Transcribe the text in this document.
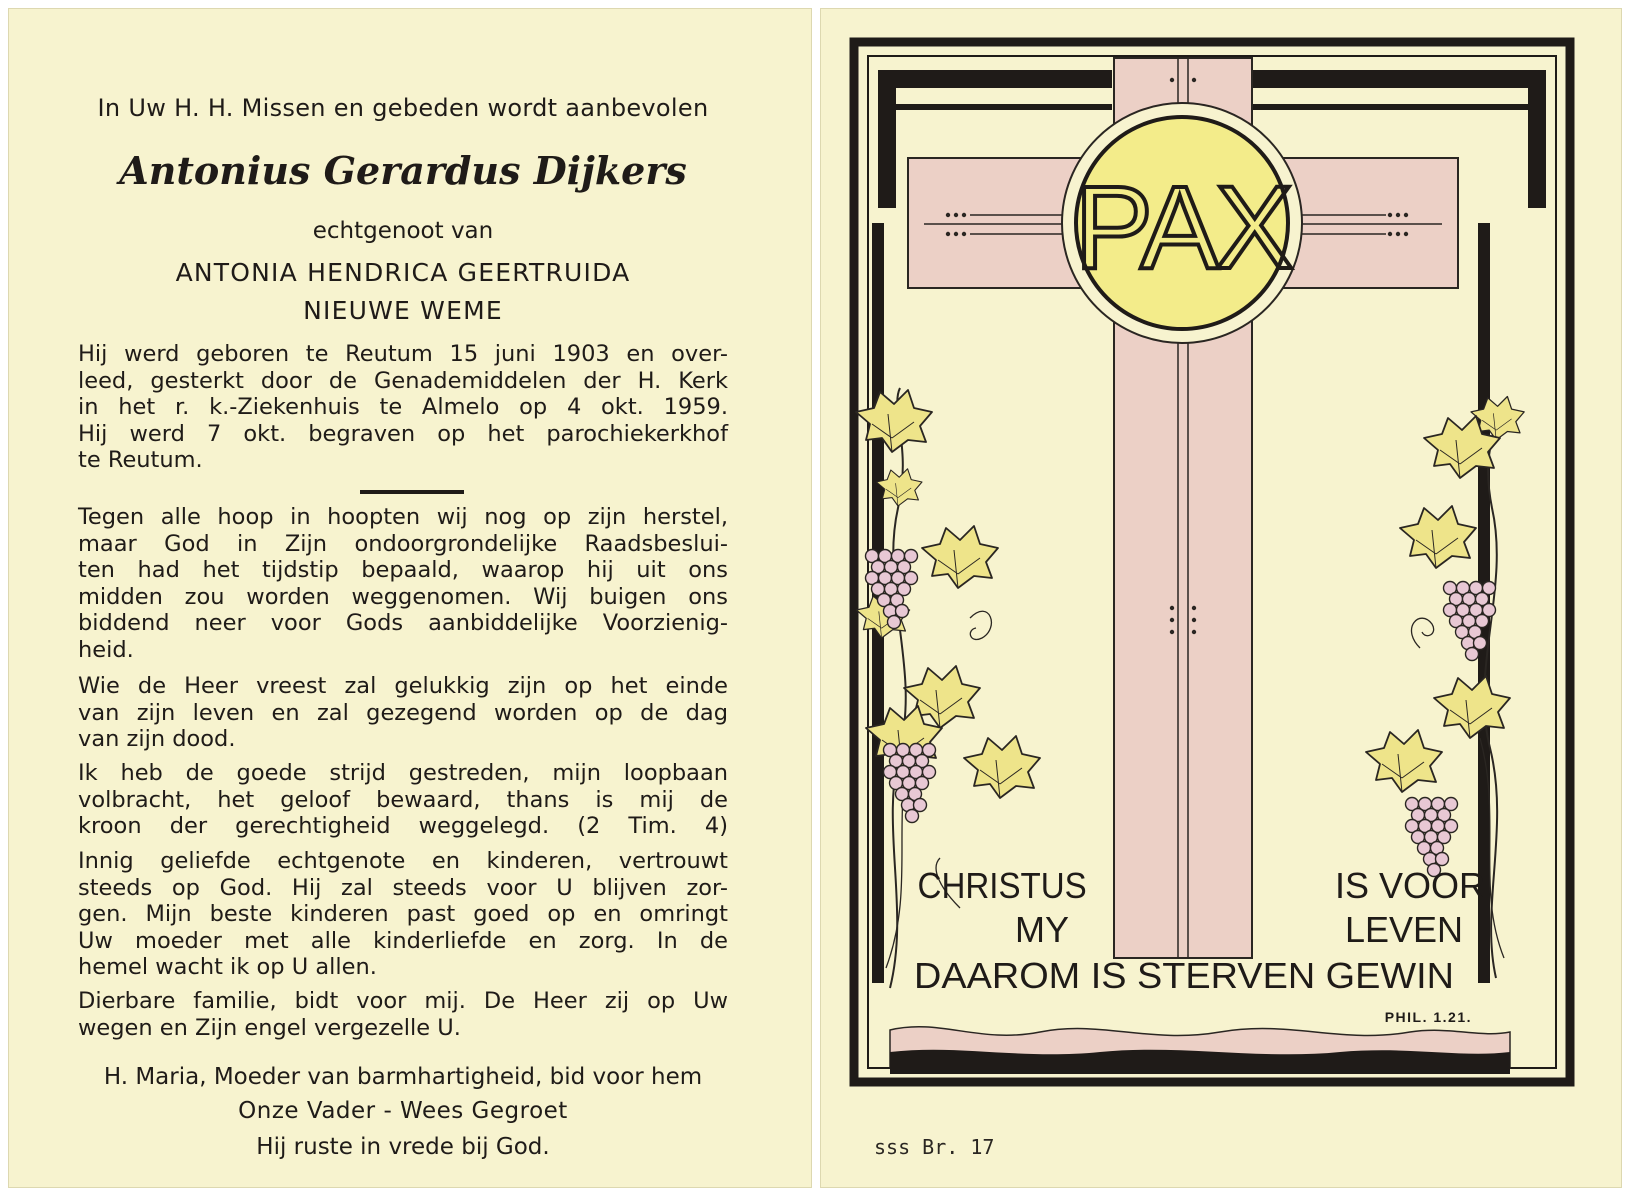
In Uw H. H. Missen en gebeden wordt aanbevolen
Antonius Gerardus Dijkers
echtgenoot van
ANTONIA HENDRICA GEERTRUIDA
NIEUWE WEME

Hij werd geboren te Reutum 15 juni 1903 en over-

leed, gesterkt door de Genademiddelen der H. Kerk

in het r. k.-Ziekenhuis te Almelo op 4 okt. 1959.

Hij werd 7 okt. begraven op het parochiekerkhof

te Reutum.

Tegen alle hoop in hoopten wij nog op zijn herstel,

maar God in Zijn ondoorgrondelijke Raadsbeslui-

ten had het tijdstip bepaald, waarop hij uit ons

midden zou worden weggenomen. Wij buigen ons

biddend neer voor Gods aanbiddelijke Voorzienig-

heid.

Wie de Heer vreest zal gelukkig zijn op het einde

van zijn leven en zal gezegend worden op de dag

van zijn dood.

Ik heb de goede strijd gestreden, mijn loopbaan

volbracht, het geloof bewaard, thans is mij de

kroon der gerechtigheid weggelegd. (2 Tim. 4)

Innig geliefde echtgenote en kinderen, vertrouwt

steeds op God. Hij zal steeds voor U blijven zor-

gen. Mijn beste kinderen past goed op en omringt

Uw moeder met alle kinderliefde en zorg. In de

hemel wacht ik op U allen.

Dierbare familie, bidt voor mij. De Heer zij op Uw

wegen en Zijn engel vergezelle U.

H. Maria, Moeder van barmhartigheid, bid voor hem
Onze Vader - Wees Gegroet
Hij ruste in vrede bij God.
PAX
CHRISTUS	IS VOOR
MY	LEVEN
DAAROM IS STERVEN GEWIN
PHIL. 1.21.
sss Br. 17
